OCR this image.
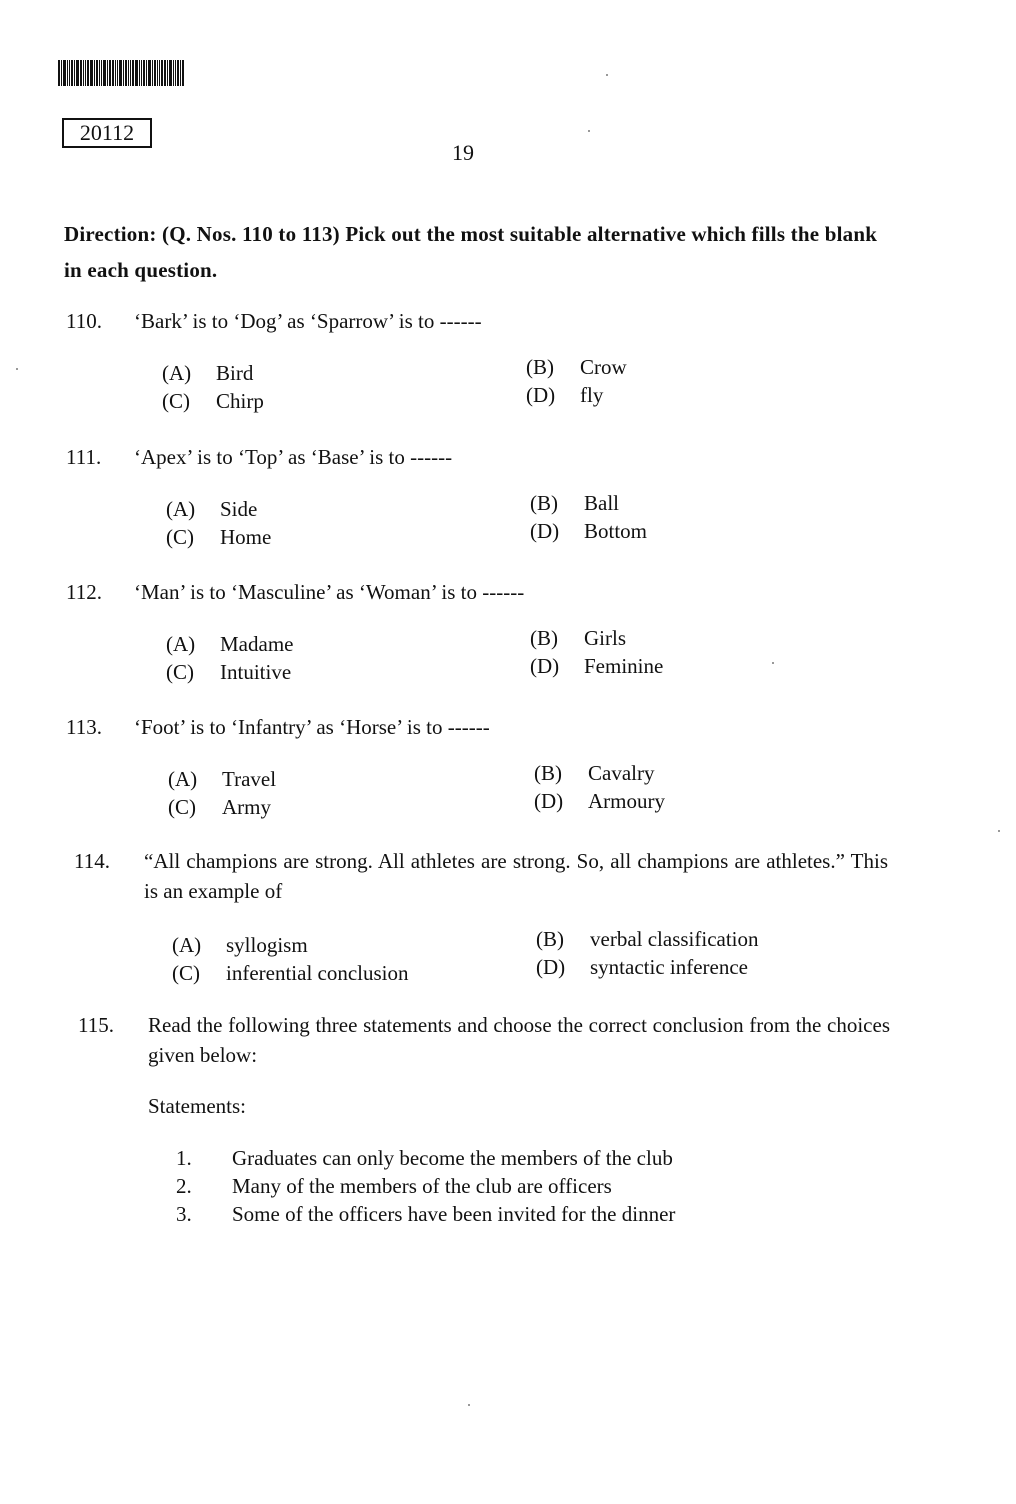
20112
19
Direction: (Q. Nos. 110 to 113) Pick out the most suitable alternative which fills the blank in each question.
110.	‘Bark’ is to ‘Dog’ as ‘Sparrow’ is to ------
(A) Bird	(B) Crow
(C) Chirp	(D) fly
111.	‘Apex’ is to ‘Top’ as ‘Base’ is to ------
(A) Side	(B) Ball
(C) Home	(D) Bottom
112.	‘Man’ is to ‘Masculine’ as ‘Woman’ is to ------
(A) Madame	(B) Girls
(C) Intuitive	(D) Feminine
113.	‘Foot’ is to ‘Infantry’ as ‘Horse’ is to ------
(A) Travel	(B) Cavalry
(C) Army	(D) Armoury
114.	“All champions are strong. All athletes are strong. So, all champions are athletes.” This is an example of
(A) syllogism	(B) verbal classification
(C) inferential conclusion	(D) syntactic inference
115.	Read the following three statements and choose the correct conclusion from the choices given below:
Statements:
1. Graduates can only become the members of the club
2. Many of the members of the club are officers
3. Some of the officers have been invited for the dinner
